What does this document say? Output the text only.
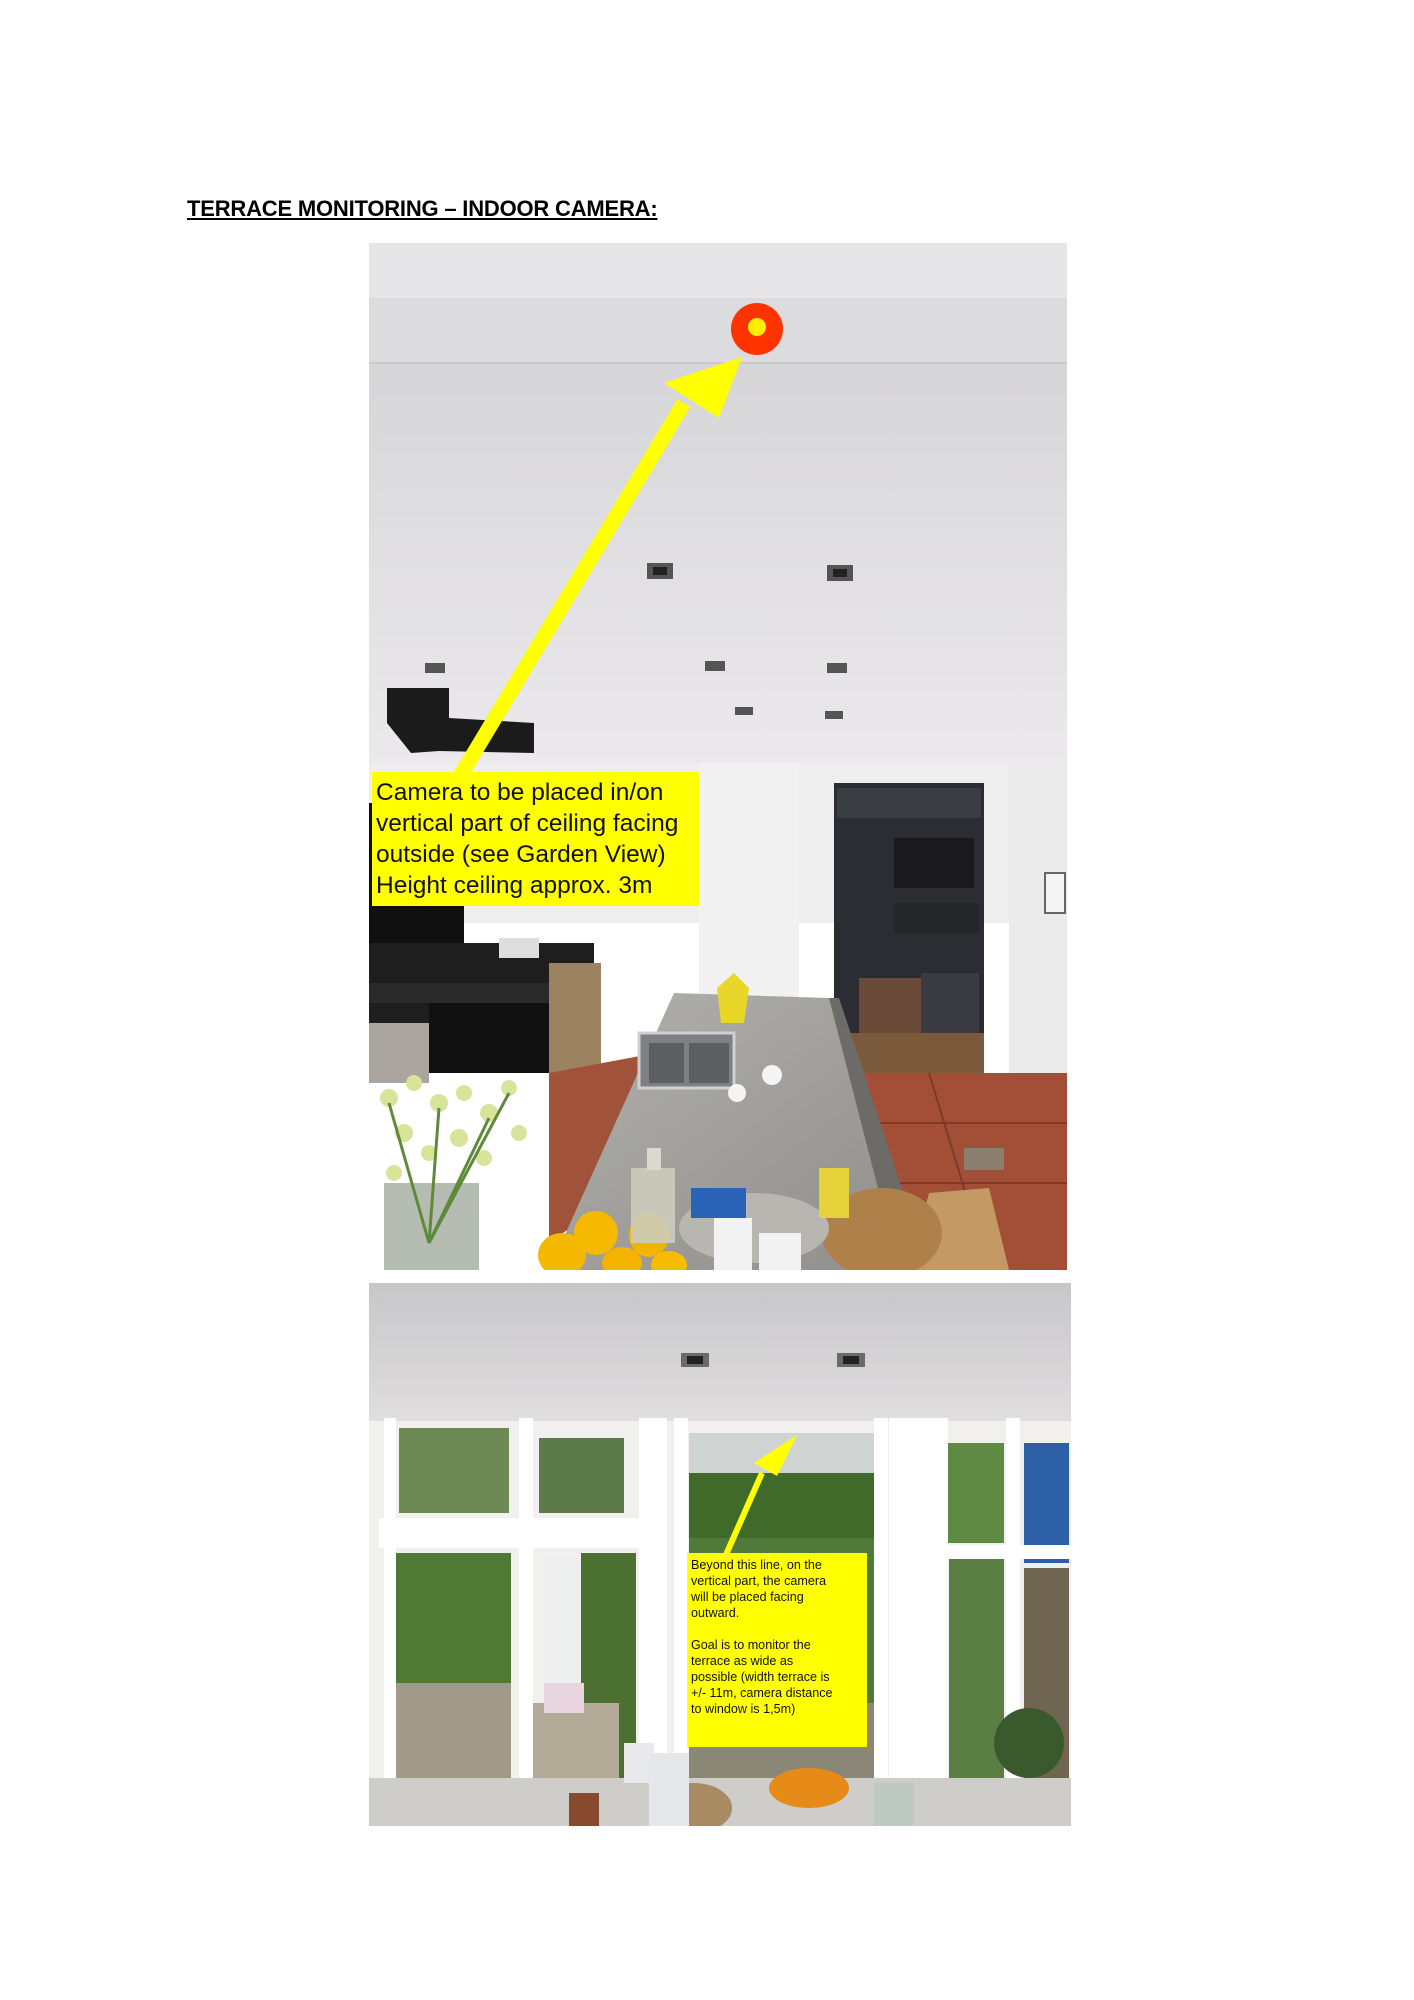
TERRACE MONITORING – INDOOR CAMERA:
Camera to be placed in/on
vertical part of ceiling facing
outside (see Garden View)
Height ceiling approx. 3m
Beyond this line, on the
vertical part, the camera
will be placed facing
outward.
Goal is to monitor the
terrace as wide as
possible (width terrace is
+/- 11m, camera distance
to window is 1,5m)
